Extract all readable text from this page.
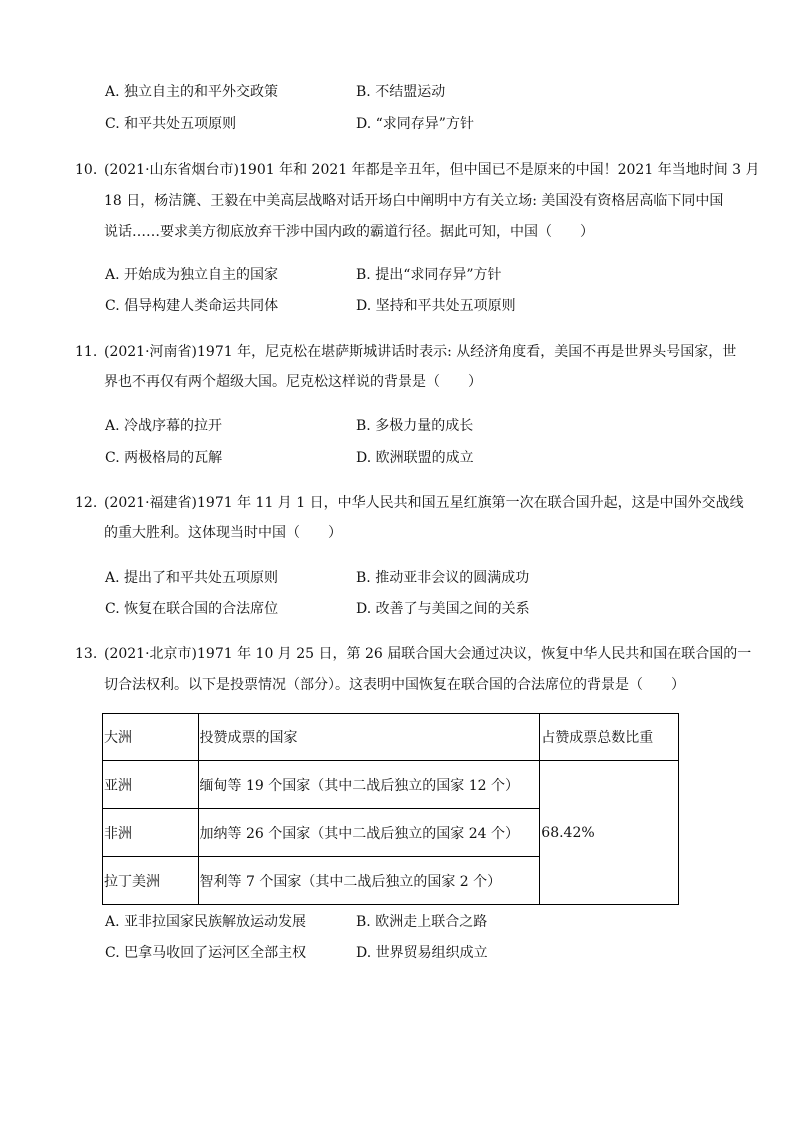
A. 独立自主的和平外交政策	B. 不结盟运动
C. 和平共处五项原则	D. “求同存异”方针
10. (2021·山东省烟台市)1901 年和 2021 年都是辛丑年，但中国已不是原来的中国！2021 年当地时间 3 月
18 日，杨洁篪、王毅在中美高层战略对话开场白中阐明中方有关立场: 美国没有资格居高临下同中国
说话……要求美方彻底放弃干涉中国内政的霸道行径。据此可知，中国（　　）
A. 开始成为独立自主的国家	B. 提出“求同存异”方针
C. 倡导构建人类命运共同体	D. 坚持和平共处五项原则
11. (2021·河南省)1971 年，尼克松在堪萨斯城讲话时表示: 从经济角度看，美国不再是世界头号国家，世
界也不再仅有两个超级大国。尼克松这样说的背景是（　　）
A. 冷战序幕的拉开	B. 多极力量的成长
C. 两极格局的瓦解	D. 欧洲联盟的成立
12. (2021·福建省)1971 年 11 月 1 日，中华人民共和国五星红旗第一次在联合国升起，这是中国外交战线
的重大胜利。这体现当时中国（　　）
A. 提出了和平共处五项原则	B. 推动亚非会议的圆满成功
C. 恢复在联合国的合法席位	D. 改善了与美国之间的关系
13. (2021·北京市)1971 年 10 月 25 日，第 26 届联合国大会通过决议，恢复中华人民共和国在联合国的一
切合法权利。以下是投票情况（部分）。这表明中国恢复在联合国的合法席位的背景是（　　）
大洲	投赞成票的国家	占赞成票总数比重
亚洲	缅甸等 19 个国家（其中二战后独立的国家 12 个）	68.42%
非洲	加纳等 26 个国家（其中二战后独立的国家 24 个）	
拉丁美洲	智利等 7 个国家（其中二战后独立的国家 2 个）	
A. 亚非拉国家民族解放运动发展	B. 欧洲走上联合之路
C. 巴拿马收回了运河区全部主权	D. 世界贸易组织成立
